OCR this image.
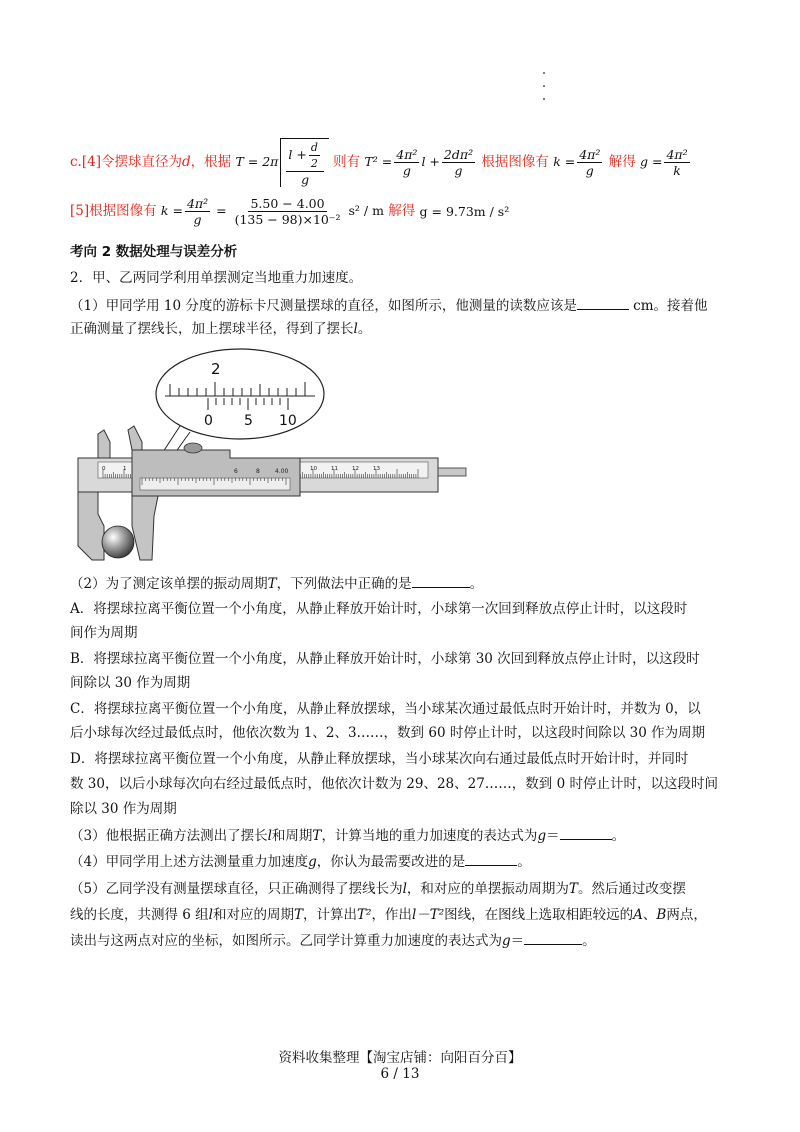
c.[4]令摆球直径为d，根据 $T = 2\pi \frac{l + \frac{d}{2}}{g}$ 则有 $T^2 = \frac{\text{4π²}}{g}$ $l + \frac{\text{2dπ²}}{g}$ 根据图像有 $k = \frac{\text{4π²}}{g}$ 解得 $g = \frac{\text{4π²}}{k}$
[5]根据图像有 $k = \frac{\text{4π²}}{g} = \frac{5.50 - 4.00}{\text{(135 − 98)×10⁻²}} s^2 / m$ 解得 g = 9.73m / s²
考向 2 数据处理与误差分析
2．甲、乙两同学利用单摆测定当地重力加速度。
（1）甲同学用 10 分度的游标卡尺测量摆球的直径，如图所示，他测量的读数应该是	cm。接着他
正确测量了摆线长，加上摆球半径，得到了摆长l。
2
0 5 10
0	1	10	11	12	13
6	8	4.00
（2）为了测定该单摆的振动周期T，下列做法中正确的是	。
A．将摆球拉离平衡位置一个小角度，从静止释放开始计时，小球第一次回到释放点停止计时，以这段时
间作为周期
B．将摆球拉离平衡位置一个小角度，从静止释放开始计时，小球第 30 次回到释放点停止计时，以这段时
间除以 30 作为周期
C．将摆球拉离平衡位置一个小角度，从静止释放摆球，当小球某次通过最低点时开始计时，并数为 0，以
后小球每次经过最低点时，他依次数为 1、2、3……，数到 60 时停止计时，以这段时间除以 30 作为周期
D．将摆球拉离平衡位置一个小角度，从静止释放摆球，当小球某次向右通过最低点时开始计时，并同时
数 30，以后小球每次向右经过最低点时，他依次计数为 29、28、27……，数到 0 时停止计时，以这段时间
除以 30 作为周期
（3）他根据正确方法测出了摆长l和周期T，计算当地的重力加速度的表达式为g＝	。
（4）甲同学用上述方法测量重力加速度g，你认为最需要改进的是	。
（5）乙同学没有测量摆球直径，只正确测得了摆线长为l，和对应的单摆振动周期为T。然后通过改变摆
线的长度，共测得 6 组l和对应的周期T，计算出T²，作出l－T²图线，在图线上选取相距较远的A、B两点，
读出与这两点对应的坐标，如图所示。乙同学计算重力加速度的表达式为g＝	。
资料收集整理【淘宝店铺：向阳百分百】
6 / 13
